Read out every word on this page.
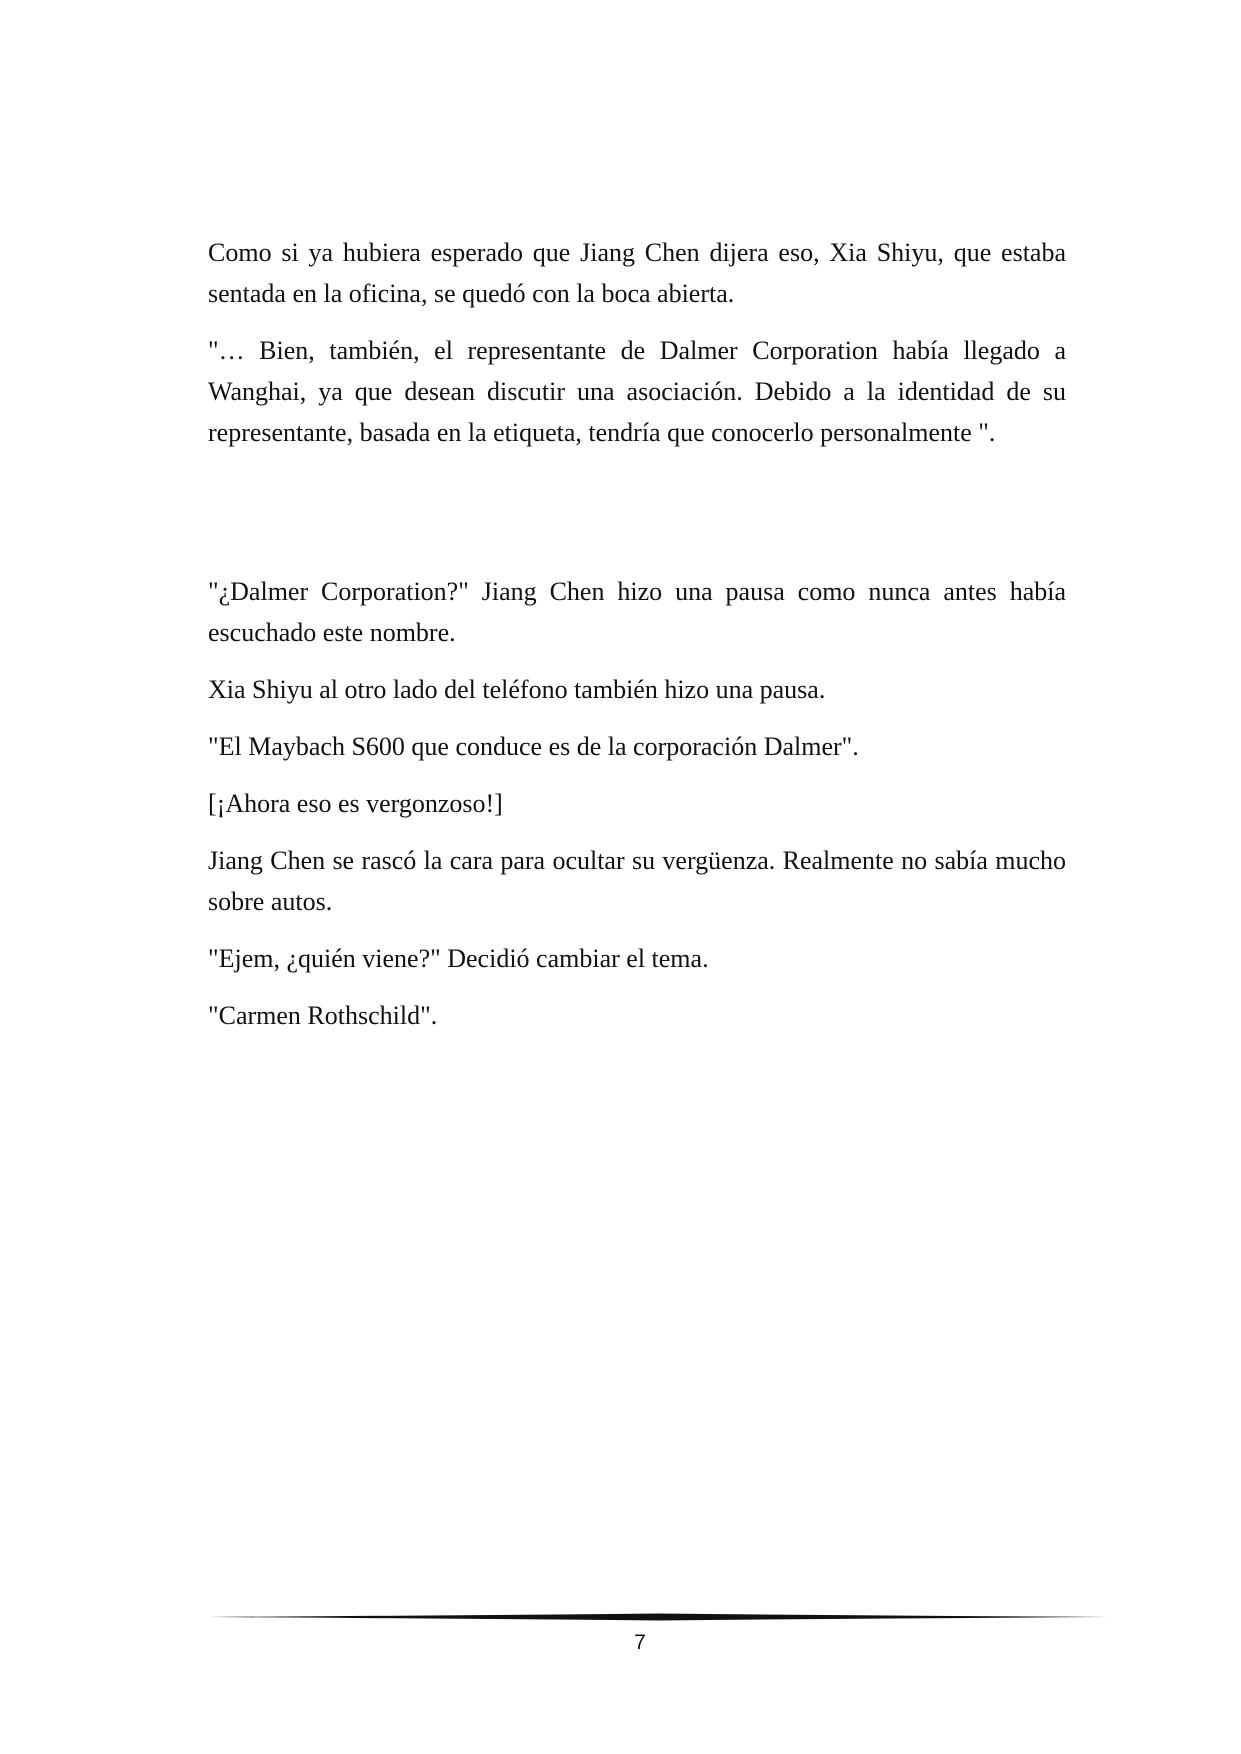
Como si ya hubiera esperado que Jiang Chen dijera eso, Xia Shiyu, que estaba sentada en la oficina, se quedó con la boca abierta.

"… Bien, también, el representante de Dalmer Corporation había llegado a Wanghai, ya que desean discutir una asociación. Debido a la identidad de su representante, basada en la etiqueta, tendría que conocerlo personalmente ".

"¿Dalmer Corporation?" Jiang Chen hizo una pausa como nunca antes había escuchado este nombre.

Xia Shiyu al otro lado del teléfono también hizo una pausa.

"El Maybach S600 que conduce es de la corporación Dalmer".

[¡Ahora eso es vergonzoso!]

Jiang Chen se rascó la cara para ocultar su vergüenza. Realmente no sabía mucho sobre autos.

"Ejem, ¿quién viene?" Decidió cambiar el tema.

"Carmen Rothschild".

7
